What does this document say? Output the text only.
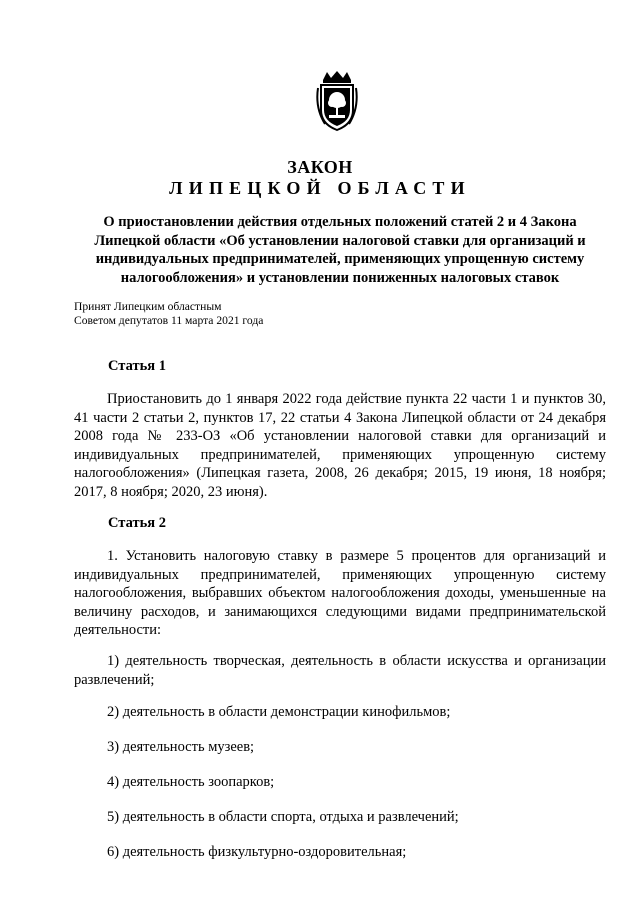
ЗАКОН
ЛИПЕЦКОЙ ОБЛАСТИ
О приостановлении действия отдельных положений статей 2 и 4 Закона Липецкой области «Об установлении налоговой ставки для организаций и индивидуальных предпринимателей, применяющих упрощенную систему налогообложения» и установлении пониженных налоговых ставок
Принят Липецким областным
Советом депутатов 11 марта 2021 года
Статья 1
Приостановить до 1 января 2022 года действие пункта 22 части 1 и пунктов 30, 41 части 2 статьи 2, пунктов 17, 22 статьи 4 Закона Липецкой области от 24 декабря 2008 года № 233-ОЗ «Об установлении налоговой ставки для организаций и индивидуальных предпринимателей, применяющих упрощенную систему налогообложения» (Липецкая газета, 2008, 26 декабря; 2015, 19 июня, 18 ноября; 2017, 8 ноября; 2020, 23 июня).
Статья 2
1. Установить налоговую ставку в размере 5 процентов для организаций и индивидуальных предпринимателей, применяющих упрощенную систему налогообложения, выбравших объектом налогообложения доходы, уменьшенные на величину расходов, и занимающихся следующими видами предпринимательской деятельности:
1) деятельность творческая, деятельность в области искусства и организации развлечений;
2) деятельность в области демонстрации кинофильмов;
3) деятельность музеев;
4) деятельность зоопарков;
5) деятельность в области спорта, отдыха и развлечений;
6) деятельность физкультурно-оздоровительная;
